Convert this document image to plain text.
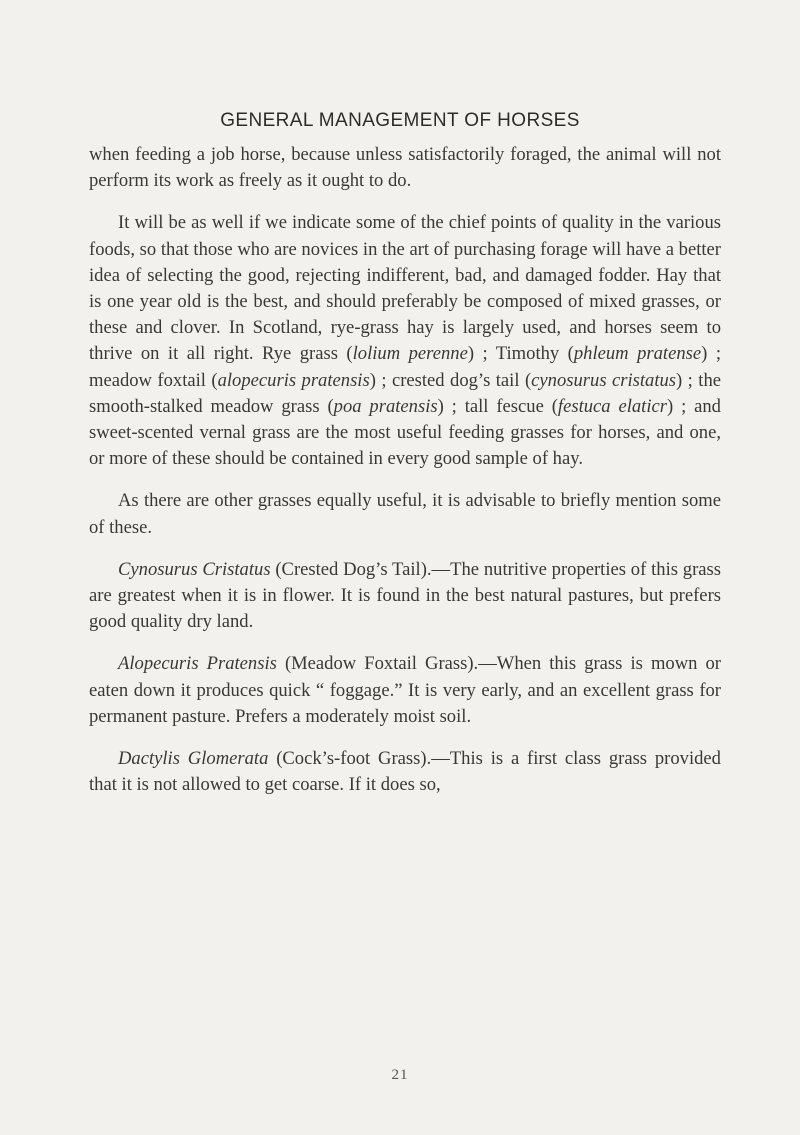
GENERAL MANAGEMENT OF HORSES

when feeding a job horse, because unless satisfactorily foraged, the animal will not perform its work as freely as it ought to do.

It will be as well if we indicate some of the chief points of quality in the various foods, so that those who are novices in the art of purchasing forage will have a better idea of selecting the good, rejecting indifferent, bad, and damaged fodder. Hay that is one year old is the best, and should preferably be composed of mixed grasses, or these and clover. In Scotland, rye-grass hay is largely used, and horses seem to thrive on it all right. Rye grass (lolium perenne) ; Timothy (phleum pratense) ; meadow foxtail (alopecuris pratensis) ; crested dog’s tail (cynosurus cristatus) ; the smooth-stalked meadow grass (poa pratensis) ; tall fescue (festuca elaticr) ; and sweet-scented vernal grass are the most useful feeding grasses for horses, and one, or more of these should be contained in every good sample of hay.

As there are other grasses equally useful, it is advisable to briefly mention some of these.

Cynosurus Cristatus (Crested Dog’s Tail).—The nutritive properties of this grass are greatest when it is in flower. It is found in the best natural pastures, but prefers good quality dry land.

Alopecuris Pratensis (Meadow Foxtail Grass).—When this grass is mown or eaten down it produces quick “ foggage.” It is very early, and an excellent grass for permanent pasture. Prefers a moderately moist soil.

Dactylis Glomerata (Cock’s-foot Grass).—This is a first class grass provided that it is not allowed to get coarse. If it does so,

21
